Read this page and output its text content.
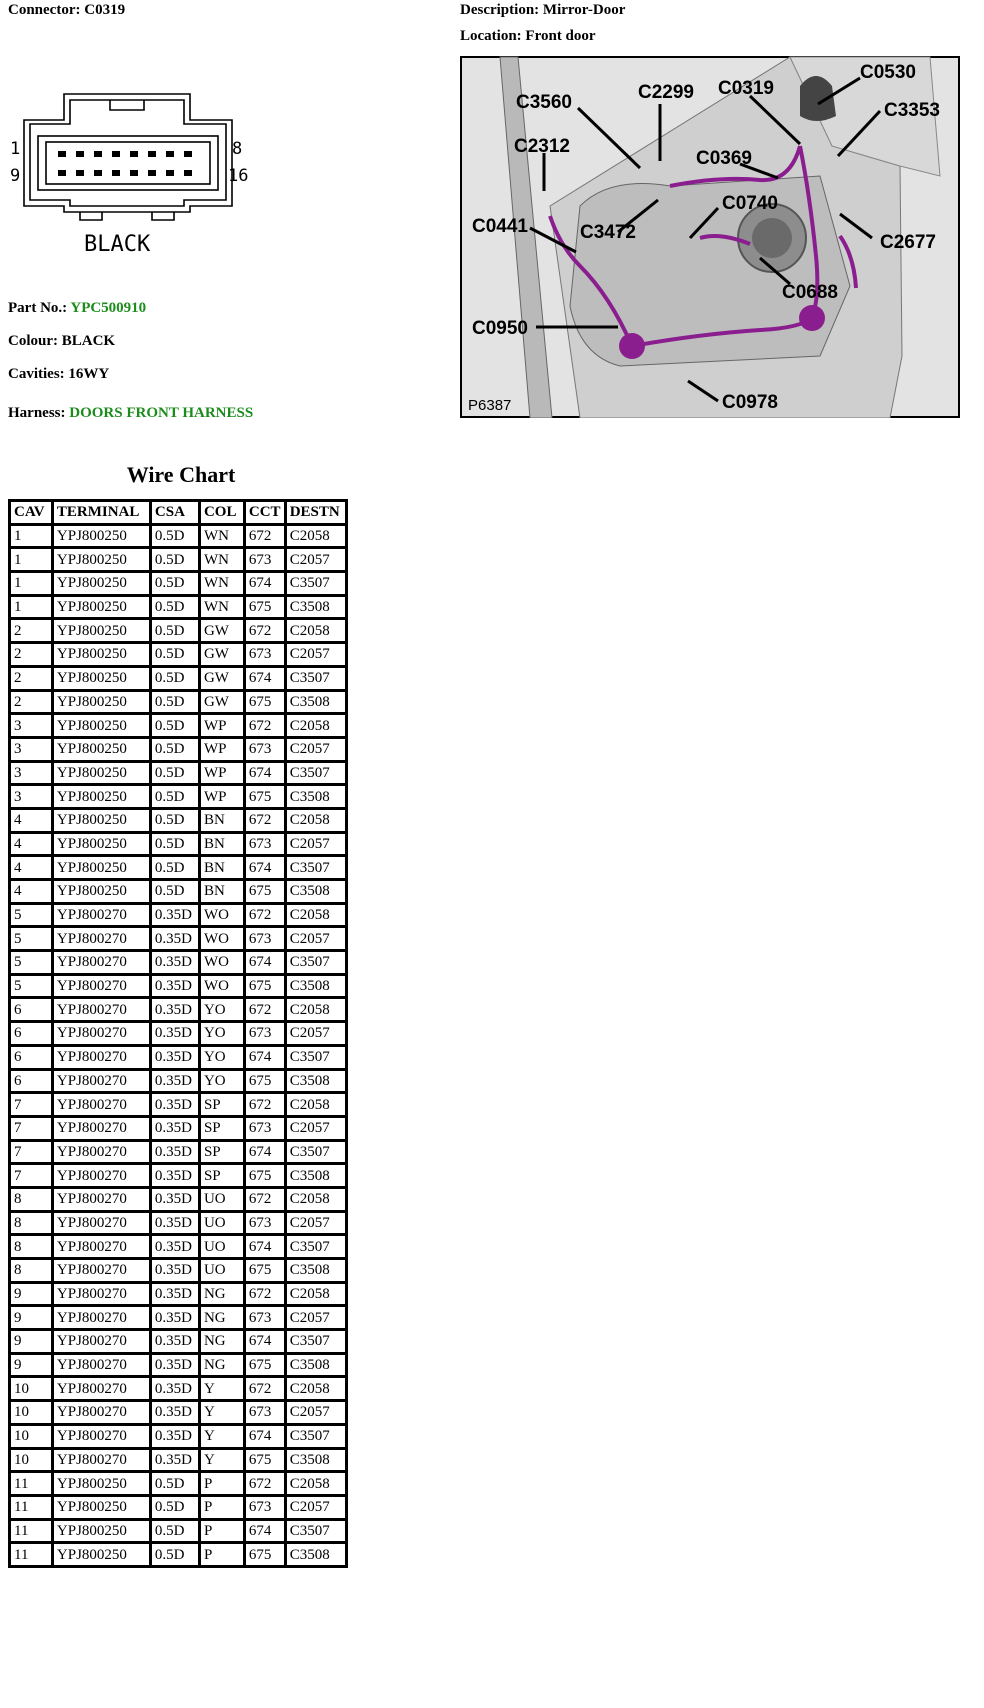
Connector: C0319	Description: Mirror-Door
Location: Front door
1
9
8
16
BLACK
Part No.: YPC500910
Colour: BLACK
Cavities: 16WY
Harness: DOORS FRONT HARNESS	P6387
C0530
C0319
C3353
C3560	C2299
C2312
C0369
C0740
C0441	C3472	C2677
C0688
C0950
C0978
Wire Chart
CAV	TERMINAL	CSA	COL	CCT	DESTN
1	YPJ800250	0.5D	WN	672	C2058
1	YPJ800250	0.5D	WN	673	C2057
1	YPJ800250	0.5D	WN	674	C3507
1	YPJ800250	0.5D	WN	675	C3508
2	YPJ800250	0.5D	GW	672	C2058
2	YPJ800250	0.5D	GW	673	C2057
2	YPJ800250	0.5D	GW	674	C3507
2	YPJ800250	0.5D	GW	675	C3508
3	YPJ800250	0.5D	WP	672	C2058
3	YPJ800250	0.5D	WP	673	C2057
3	YPJ800250	0.5D	WP	674	C3507
3	YPJ800250	0.5D	WP	675	C3508
4	YPJ800250	0.5D	BN	672	C2058
4	YPJ800250	0.5D	BN	673	C2057
4	YPJ800250	0.5D	BN	674	C3507
4	YPJ800250	0.5D	BN	675	C3508
5	YPJ800270	0.35D	WO	672	C2058
5	YPJ800270	0.35D	WO	673	C2057
5	YPJ800270	0.35D	WO	674	C3507
5	YPJ800270	0.35D	WO	675	C3508
6	YPJ800270	0.35D	YO	672	C2058
6	YPJ800270	0.35D	YO	673	C2057
6	YPJ800270	0.35D	YO	674	C3507
6	YPJ800270	0.35D	YO	675	C3508
7	YPJ800270	0.35D	SP	672	C2058
7	YPJ800270	0.35D	SP	673	C2057
7	YPJ800270	0.35D	SP	674	C3507
7	YPJ800270	0.35D	SP	675	C3508
8	YPJ800270	0.35D	UO	672	C2058
8	YPJ800270	0.35D	UO	673	C2057
8	YPJ800270	0.35D	UO	674	C3507
8	YPJ800270	0.35D	UO	675	C3508
9	YPJ800270	0.35D	NG	672	C2058
9	YPJ800270	0.35D	NG	673	C2057
9	YPJ800270	0.35D	NG	674	C3507
9	YPJ800270	0.35D	NG	675	C3508
10	YPJ800270	0.35D	Y	672	C2058
10	YPJ800270	0.35D	Y	673	C2057
10	YPJ800270	0.35D	Y	674	C3507
10	YPJ800270	0.35D	Y	675	C3508
11	YPJ800250	0.5D	P	672	C2058
11	YPJ800250	0.5D	P	673	C2057
11	YPJ800250	0.5D	P	674	C3507
11	YPJ800250	0.5D	P	675	C3508
